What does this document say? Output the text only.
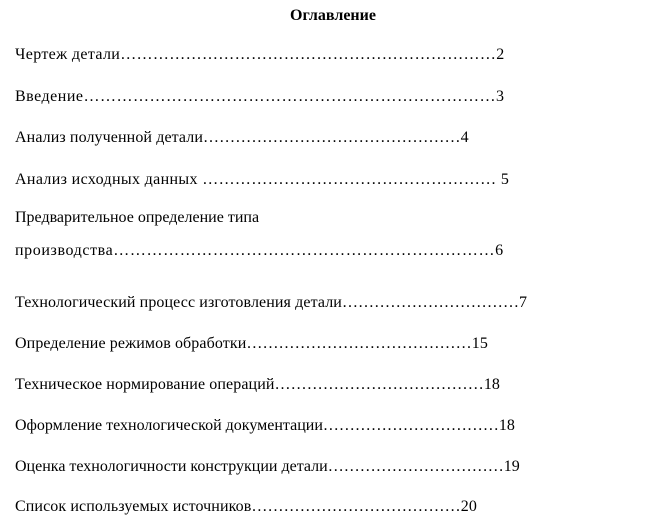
Оглавление

Чертеж детали……………………………………………………………2

Введение…………………………………………………………………3

Анализ полученной детали…………………………………………4

Анализ исходных данных ……………………………………………… 5

Предварительное определение типа

производства……………………………………………………………6

Технологический процесс изготовления детали……………………………7

Определение режимов обработки……………………………………15

Техническое нормирование операций…………………………………18

Оформление технологической документации……………………………18

Оценка технологичности конструкции детали……………………………19

Список используемых источников…………………………………20
